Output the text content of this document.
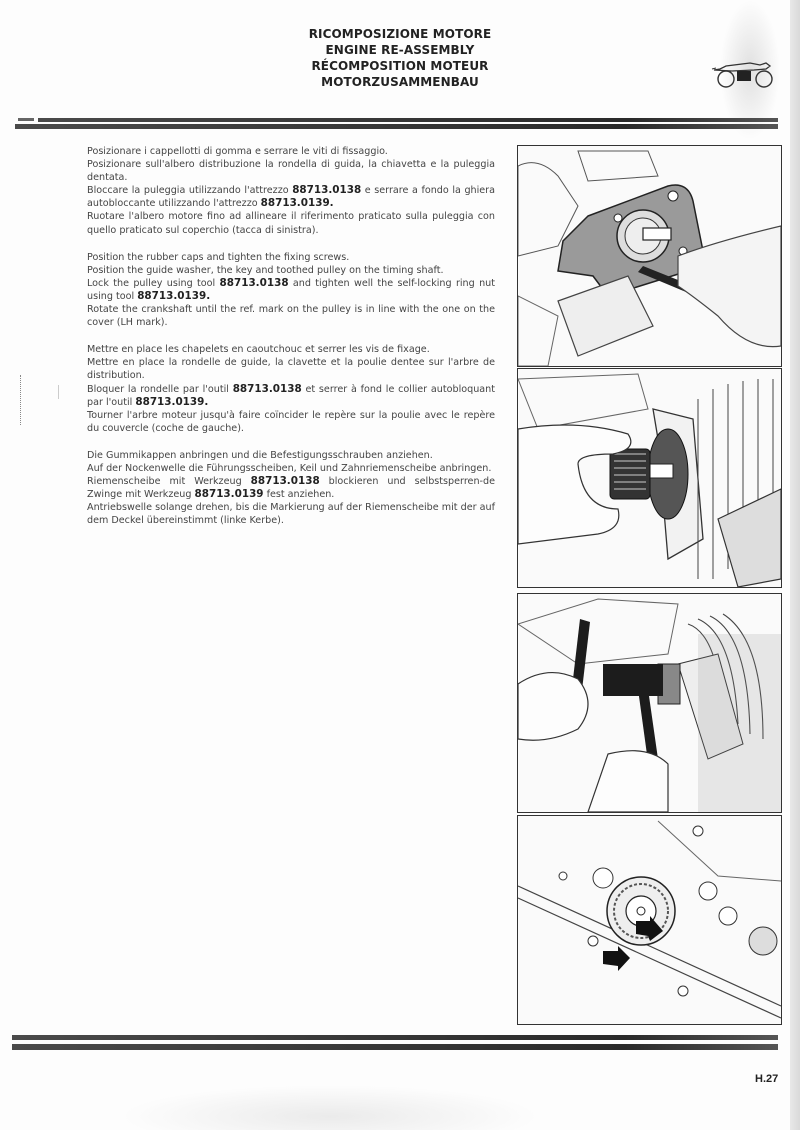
RICOMPOSIZIONE MOTORE
ENGINE RE-ASSEMBLY
RÉCOMPOSITION MOTEUR
MOTORZUSAMMENBAU

Posizionare i cappellotti di gomma e serrare le viti di fissaggio.

Posizionare sull'albero distribuzione la rondella di guida, la chiavetta e la puleggia dentata.

Bloccare la puleggia utilizzando l'attrezzo 88713.0138 e serrare a fondo la ghiera autobloccante utilizzando l'attrezzo 88713.0139.

Ruotare l'albero motore fino ad allineare il riferimento praticato sulla puleggia con quello praticato sul coperchio (tacca di sinistra).

Position the rubber caps and tighten the fixing screws.

Position the guide washer, the key and toothed pulley on the timing shaft.

Lock the pulley using tool 88713.0138 and tighten well the self-locking ring nut using tool 88713.0139.

Rotate the crankshaft until the ref. mark on the pulley is in line with the one on the cover (LH mark).

Mettre en place les chapelets en caoutchouc et serrer les vis de fixage.

Mettre en place la rondelle de guide, la clavette et la poulie dentee sur l'arbre de distribution.

Bloquer la rondelle par l'outil 88713.0138 et serrer à fond le collier autobloquant par l'outil 88713.0139.

Tourner l'arbre moteur jusqu'à faire coïncider le repère sur la poulie avec le repère du couvercle (coche de gauche).

Die Gummikappen anbringen und die Befestigungsschrauben anziehen.

Auf der Nockenwelle die Führungsscheiben, Keil und Zahnriemenscheibe anbringen.

Riemenscheibe mit Werkzeug 88713.0138 blockieren und selbstsperren-de Zwinge mit Werkzeug 88713.0139 fest anziehen.

Antriebswelle solange drehen, bis die Markierung auf der Riemenscheibe mit der auf dem Deckel übereinstimmt (linke Kerbe).

H.27
